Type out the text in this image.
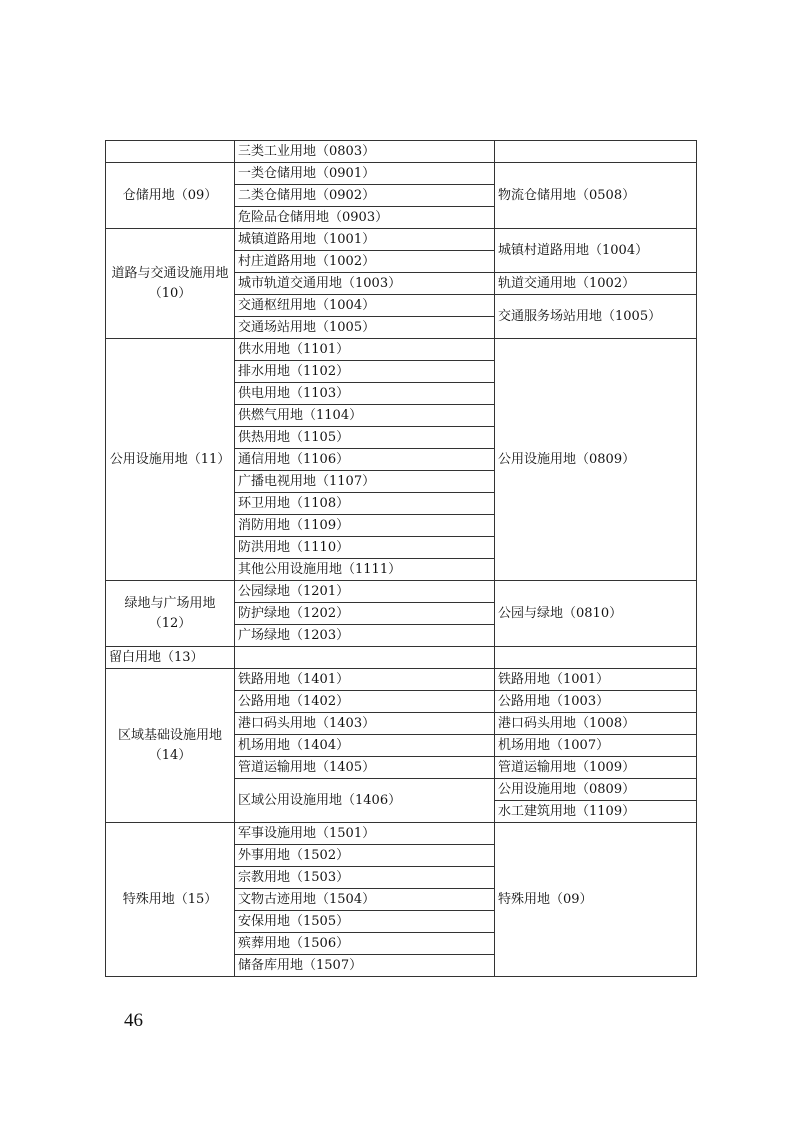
	三类工业用地（0803）	
仓储用地（09）	一类仓储用地（0901）	物流仓储用地（0508）
	二类仓储用地（0902）	
	危险品仓储用地（0903）	
道路与交通设施用地（10）	城镇道路用地（1001）	城镇村道路用地（1004）
	村庄道路用地（1002）	
	城市轨道交通用地（1003）	轨道交通用地（1002）
	交通枢纽用地（1004）	交通服务场站用地（1005）
	交通场站用地（1005）	
公用设施用地（11）	供水用地（1101）	公用设施用地（0809）
	排水用地（1102）	
	供电用地（1103）	
	供燃气用地（1104）	
	供热用地（1105）	
	通信用地（1106）	
	广播电视用地（1107）	
	环卫用地（1108）	
	消防用地（1109）	
	防洪用地（1110）	
	其他公用设施用地（1111）	
绿地与广场用地（12）	公园绿地（1201）	公园与绿地（0810）
	防护绿地（1202）	
	广场绿地（1203）	
留白用地（13）		
区域基础设施用地（14）	铁路用地（1401）	铁路用地（1001）
	公路用地（1402）	公路用地（1003）
	港口码头用地（1403）	港口码头用地（1008）
	机场用地（1404）	机场用地（1007）
	管道运输用地（1405）	管道运输用地（1009）
	区域公用设施用地（1406）	公用设施用地（0809）
		水工建筑用地（1109）
特殊用地（15）	军事设施用地（1501）	特殊用地（09）
	外事用地（1502）	
	宗教用地（1503）	
	文物古迹用地（1504）	
	安保用地（1505）	
	殡葬用地（1506）	
	储备库用地（1507）	
46
